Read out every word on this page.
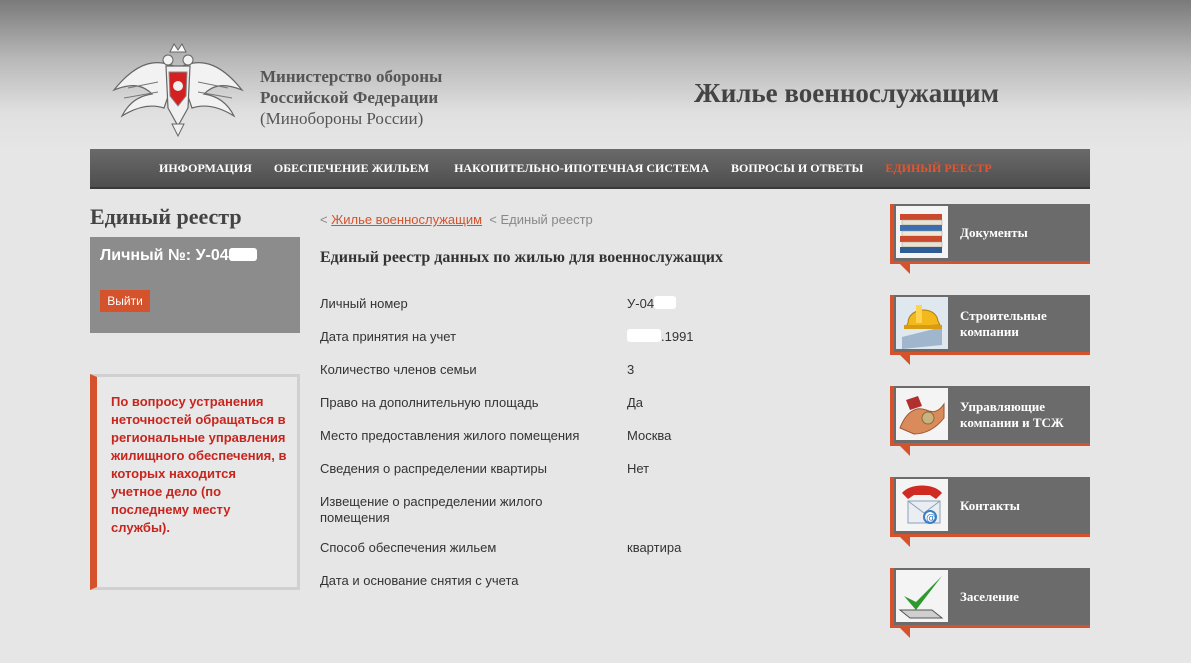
Министерство обороны
Российской Федерации
(Минобороны России)
Жилье военнослужащим
ИНФОРМАЦИЯ ОБЕСПЕЧЕНИЕ ЖИЛЬЕМ НАКОПИТЕЛЬНО-ИПОТЕЧНАЯ СИСТЕМА ВОПРОСЫ И ОТВЕТЫ ЕДИНЫЙ РЕЕСТР
Единый реестр
Личный №: У-04
Выйти
По вопросу устранения неточностей обращаться в региональные управления жилищного обеспечения, в которых находится учетное дело (по последнему месту службы).
< Жилье военнослужащим < Единый реестр
Единый реестр данных по жилью для военнослужащих
Личный номер	У-04
Дата принятия на учет	.1991
Количество членов семьи	3
Право на дополнительную площадь	Да
Место предоставления жилого помещения	Москва
Сведения о распределении квартиры	Нет
Извещение о распределении жилого помещения
Способ обеспечения жильем	квартира
Дата и основание снятия с учета
Документы
Строительные компании
Управляющие компании и ТСЖ
@
Контакты
Заселение
